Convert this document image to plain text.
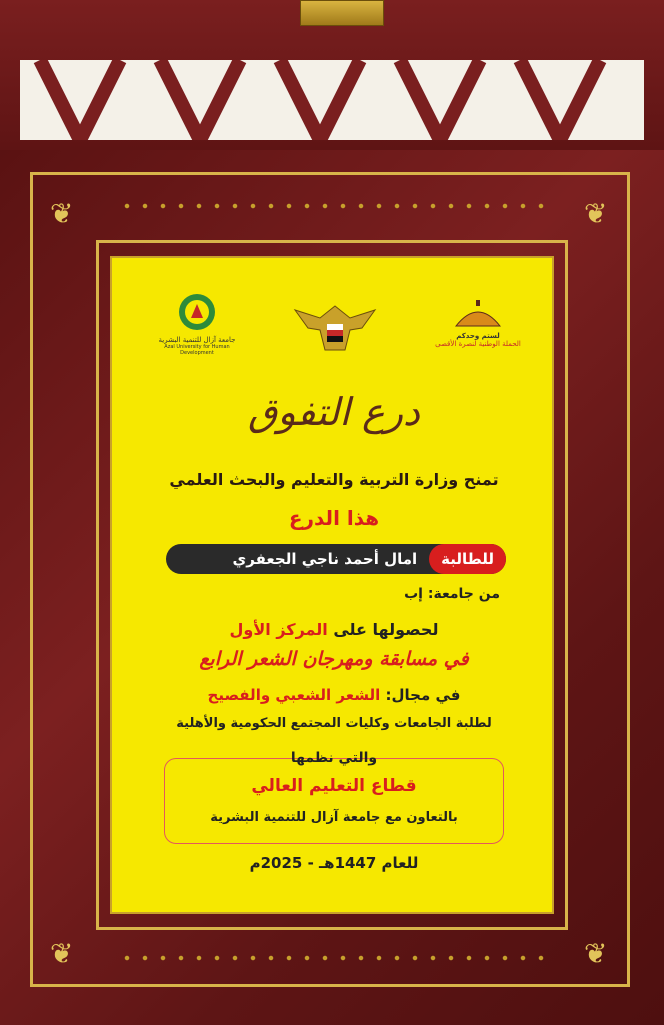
❦	❦
❦	❦
جامعة آزال للتنمية البشرية
Azal University for Human Development
لستم وحدكم
الحملة الوطنية لنصرة الأقصى
درع التفوق
تمنح وزارة التربية والتعليم والبحث العلمي
هذا الدرع
للطالبة
امال أحمد ناجي الجعفري
من جامعة: إب
لحصولها على المركز الأول
في مسابقة ومهرجان الشعر الرابع
في مجال: الشعر الشعبي والفصيح
لطلبة الجامعات وكليات المجتمع الحكومية والأهلية
والتي نظمها
قطاع التعليم العالي
بالتعاون مع جامعة آزال للتنمية البشرية
للعام 1447هـ - 2025م
